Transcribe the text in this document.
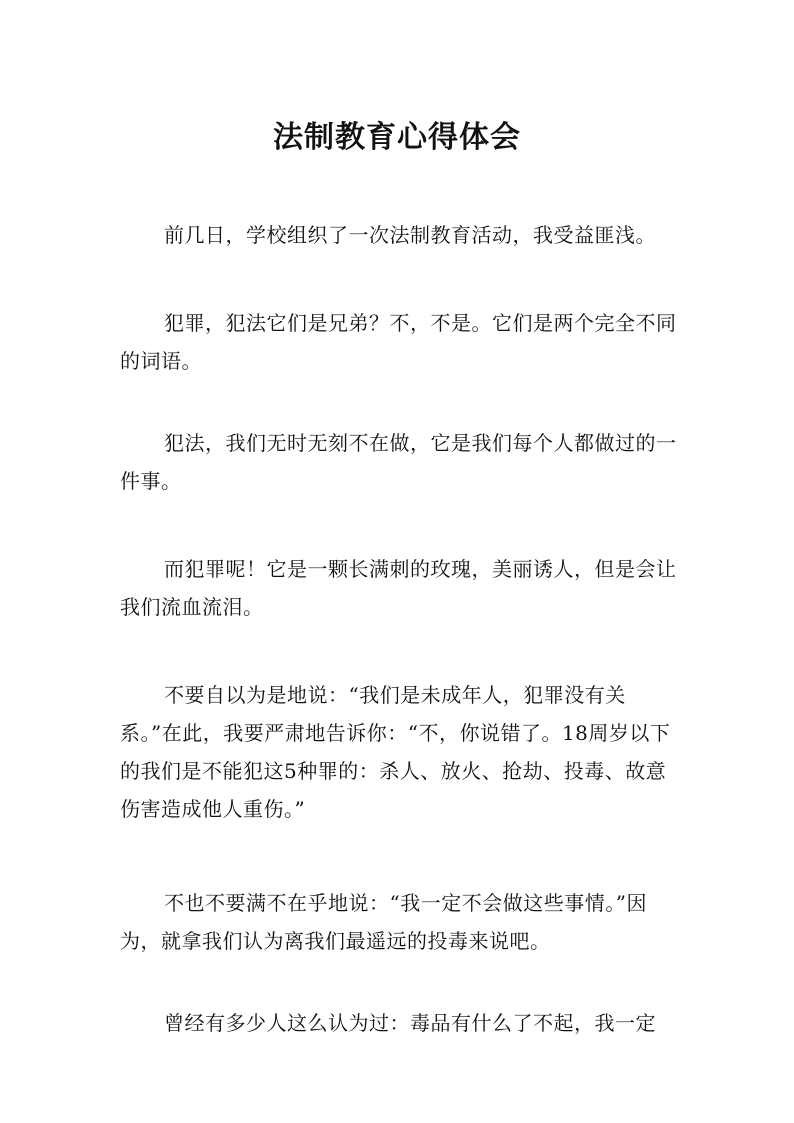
法制教育心得体会

前几日，学校组织了一次法制教育活动，我受益匪浅。

犯罪，犯法它们是兄弟？不，不是。它们是两个完全不同的词语。

犯法，我们无时无刻不在做，它是我们每个人都做过的一件事。

而犯罪呢！它是一颗长满刺的玫瑰，美丽诱人，但是会让我们流血流泪。

不要自以为是地说：“我们是未成年人，犯罪没有关系。”在此，我要严肃地告诉你：“不，你说错了。18周岁以下的我们是不能犯这5种罪的：杀人、放火、抢劫、投毒、故意伤害造成他人重伤。”

不也不要满不在乎地说：“我一定不会做这些事情。”因为，就拿我们认为离我们最遥远的投毒来说吧。

曾经有多少人这么认为过：毒品有什么了不起，我一定
